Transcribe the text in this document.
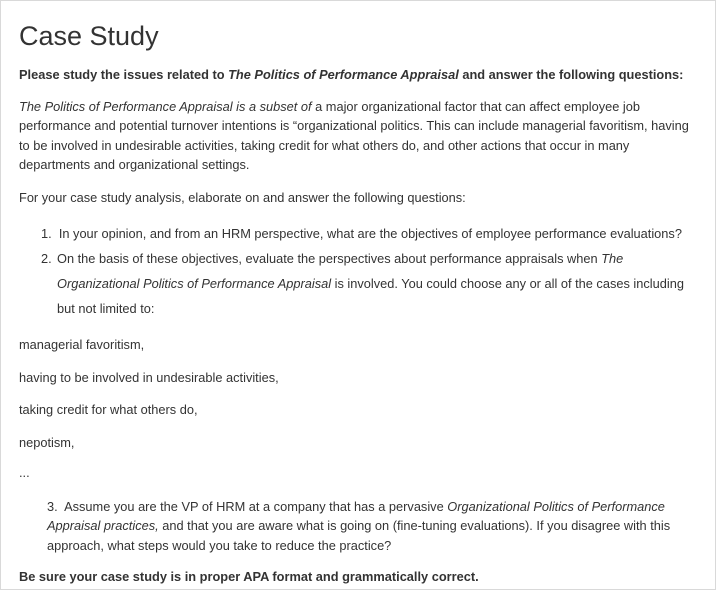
Case Study
Please study the issues related to The Politics of Performance Appraisal and answer the following questions:
The Politics of Performance Appraisal is a subset of a major organizational factor that can affect employee job performance and potential turnover intentions is “organizational politics. This can include managerial favoritism, having to be involved in undesirable activities, taking credit for what others do, and other actions that occur in many departments and organizational settings.
For your case study analysis, elaborate on and answer the following questions:
1. In your opinion, and from an HRM perspective, what are the objectives of employee performance evaluations?
2. On the basis of these objectives, evaluate the perspectives about performance appraisals when The Organizational Politics of Performance Appraisal is involved. You could choose any or all of the cases including but not limited to:
managerial favoritism,
having to be involved in undesirable activities,
taking credit for what others do,
nepotism,
...
3. Assume you are the VP of HRM at a company that has a pervasive Organizational Politics of Performance Appraisal practices, and that you are aware what is going on (fine-tuning evaluations). If you disagree with this approach, what steps would you take to reduce the practice?
Be sure your case study is in proper APA format and grammatically correct.
